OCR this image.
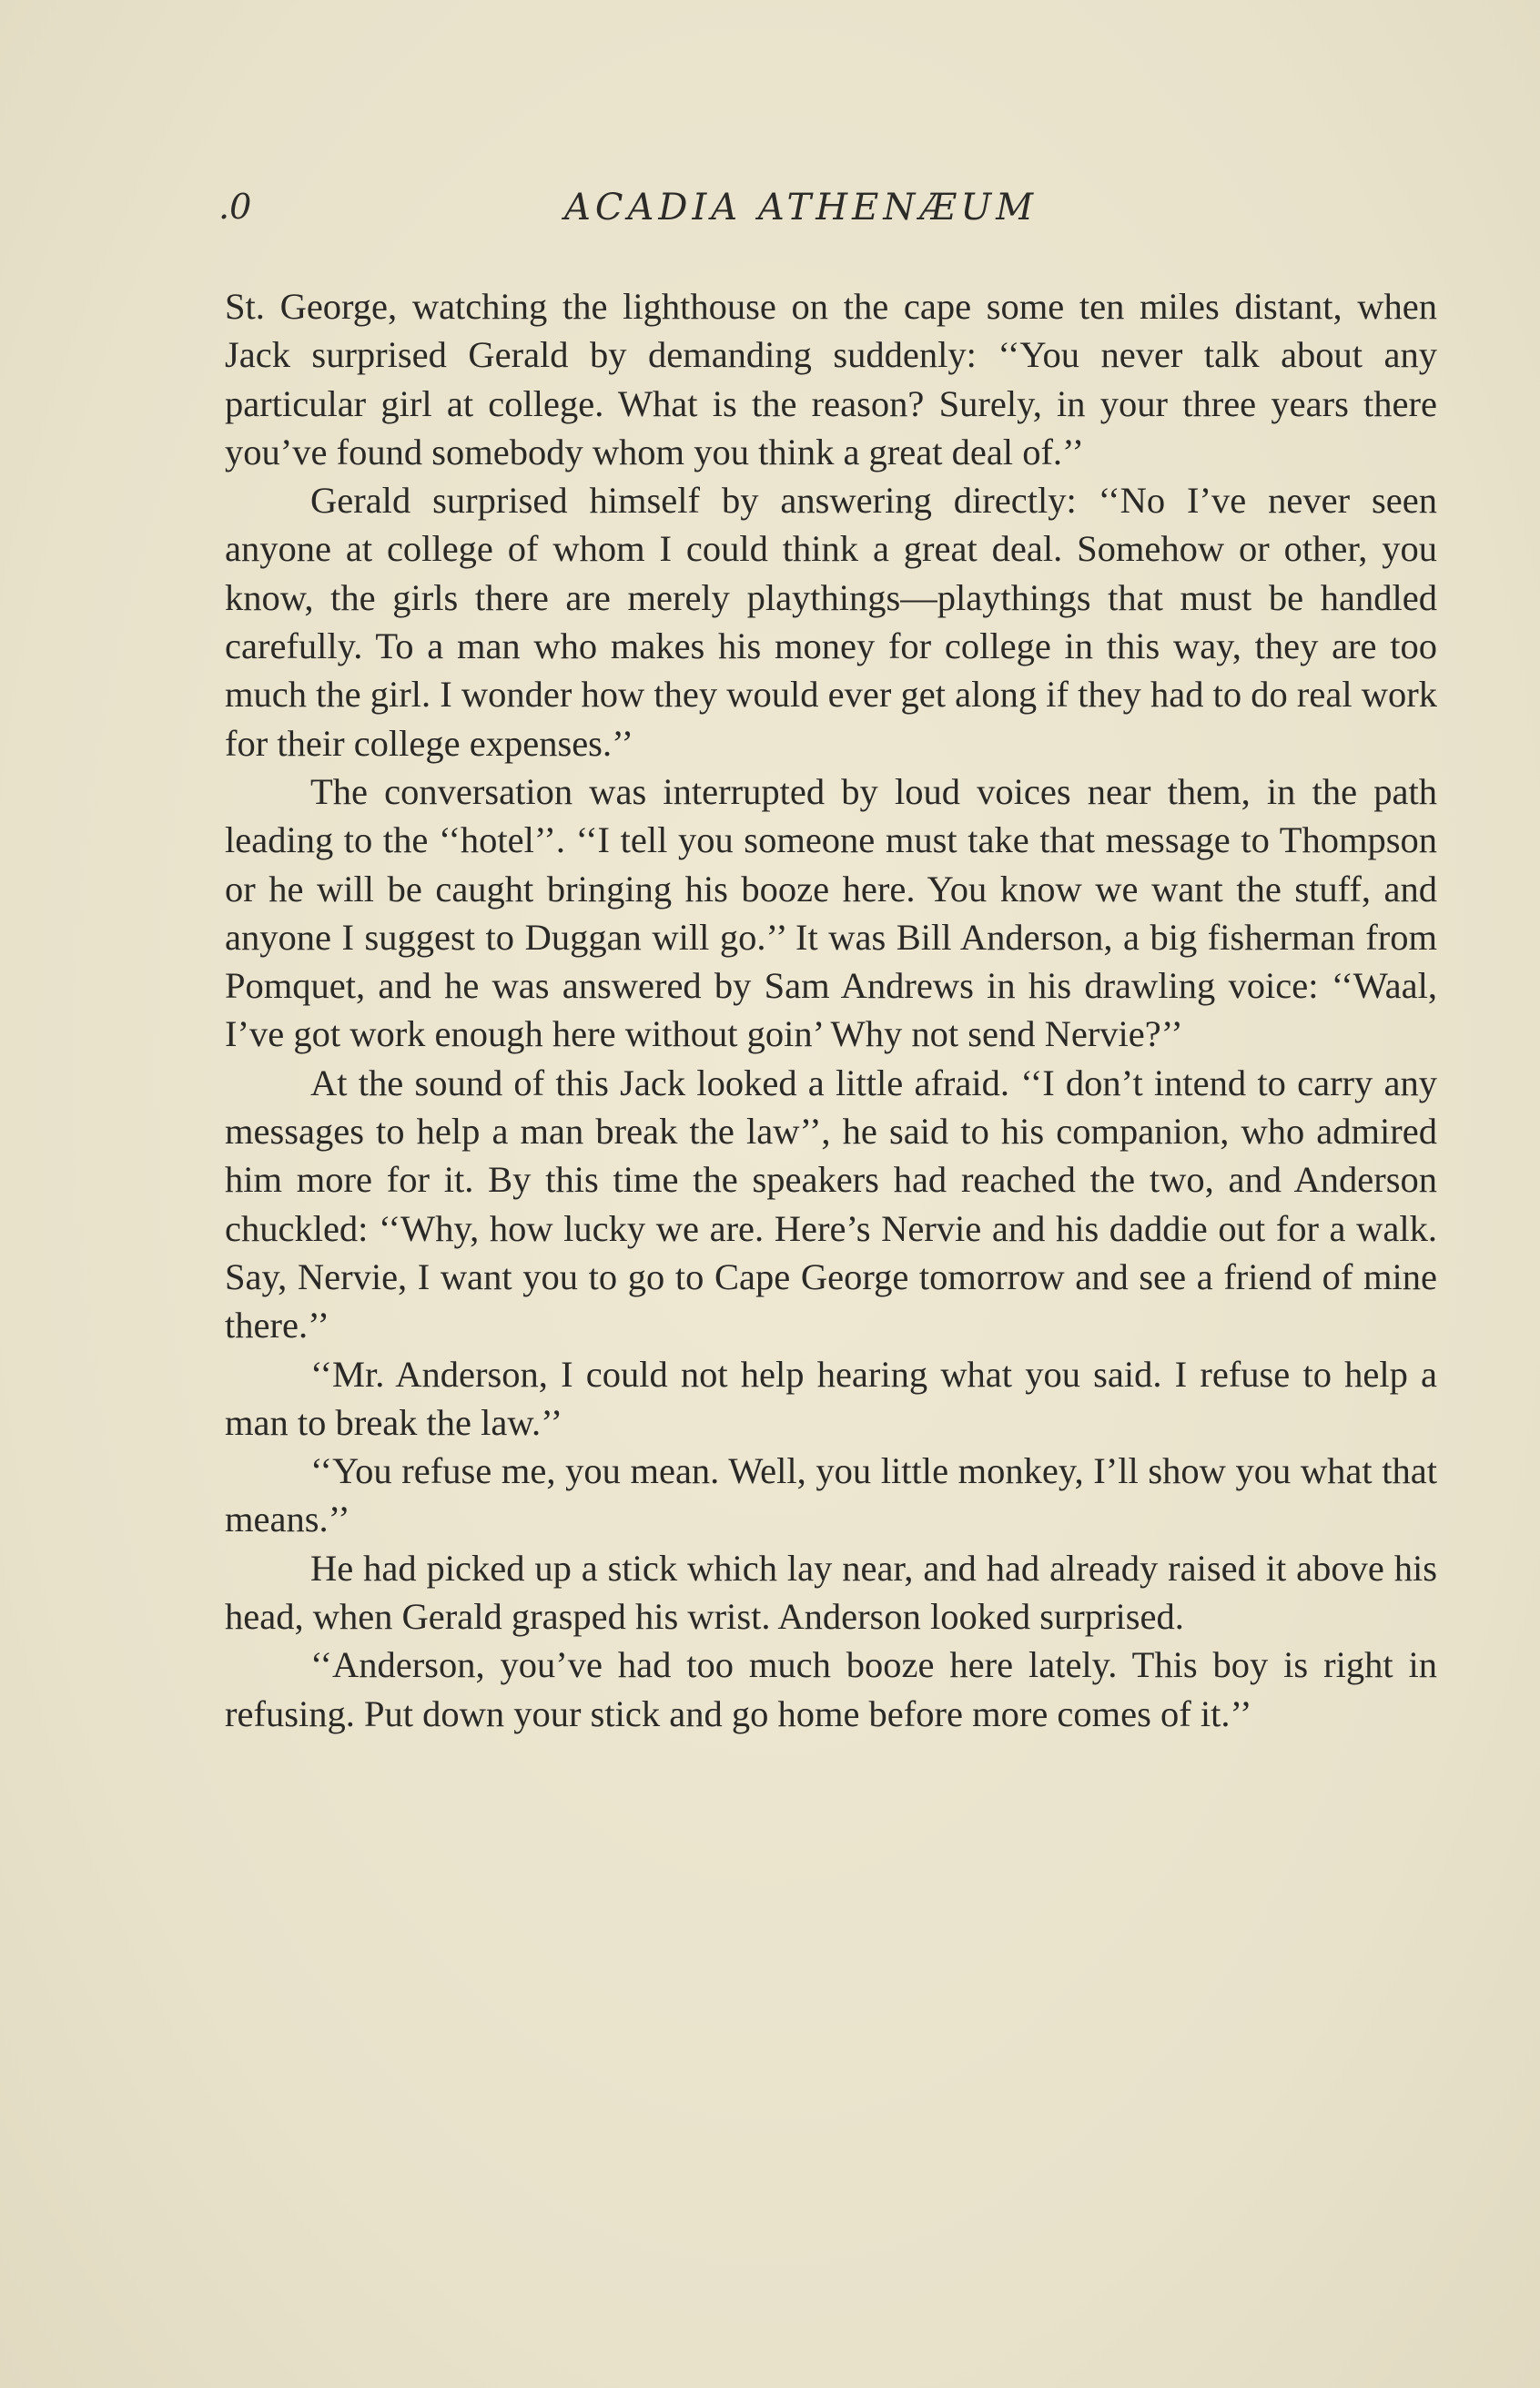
.0	ACADIA ATHENÆUM

St. George, watching the lighthouse on the cape some ten miles distant, when Jack surprised Gerald by demanding suddenly: ‘‘You never talk about any particular girl at college. What is the reason? Surely, in your three years there you’ve found somebody whom you think a great deal of.’’

Gerald surprised himself by answering directly: ‘‘No I’ve never seen anyone at college of whom I could think a great deal. Somehow or other, you know, the girls there are merely playthings—playthings that must be handled carefully. To a man who makes his money for college in this way, they are too much the girl. I wonder how they would ever get along if they had to do real work for their college expenses.’’

The conversation was interrupted by loud voices near them, in the path leading to the ‘‘hotel’’. ‘‘I tell you someone must take that message to Thompson or he will be caught bringing his booze here. You know we want the stuff, and anyone I suggest to Duggan will go.’’ It was Bill Anderson, a big fisherman from Pomquet, and he was answered by Sam Andrews in his drawling voice: ‘‘Waal, I’ve got work enough here without goin’ Why not send Nervie?’’

At the sound of this Jack looked a little afraid. ‘‘I don’t intend to carry any messages to help a man break the law’’, he said to his companion, who admired him more for it. By this time the speakers had reached the two, and Anderson chuckled: ‘‘Why, how lucky we are. Here’s Nervie and his daddie out for a walk. Say, Nervie, I want you to go to Cape George tomorrow and see a friend of mine there.’’

‘‘Mr. Anderson, I could not help hearing what you said. I refuse to help a man to break the law.’’

‘‘You refuse me, you mean. Well, you little monkey, I’ll show you what that means.’’

He had picked up a stick which lay near, and had already raised it above his head, when Gerald grasped his wrist. Anderson looked surprised.

‘‘Anderson, you’ve had too much booze here lately. This boy is right in refusing. Put down your stick and go home before more comes of it.’’
